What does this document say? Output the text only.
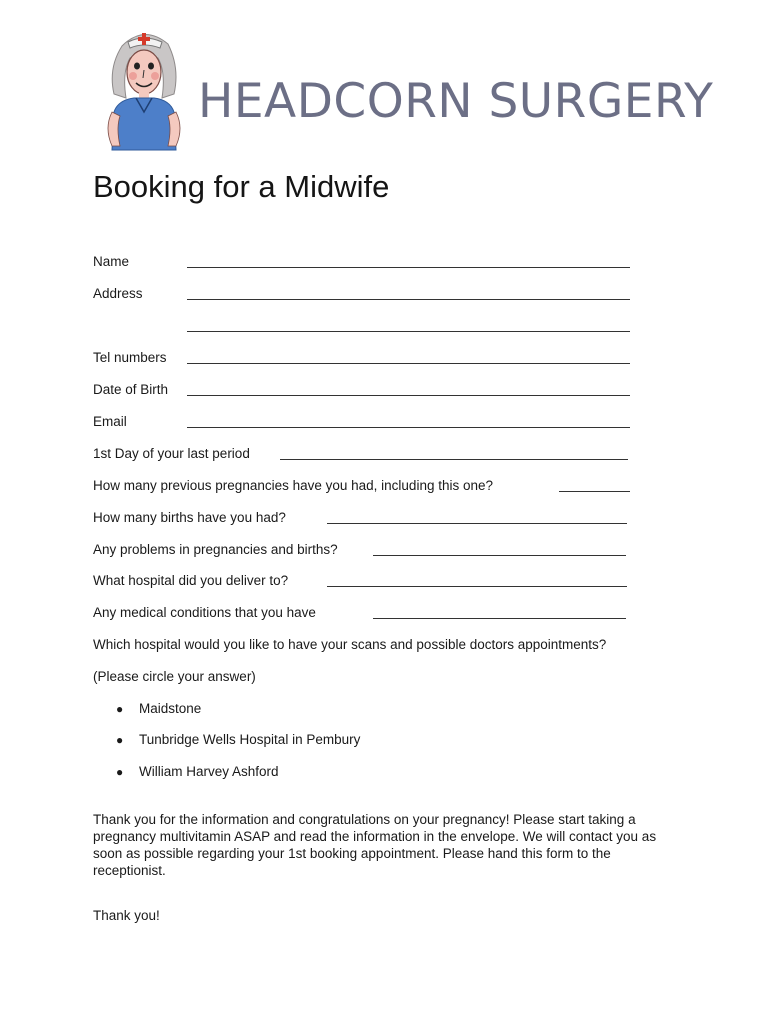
HEADCORN SURGERY
Booking for a Midwife
Name
Address
Tel numbers
Date of Birth
Email
1st Day of your last period
How many previous pregnancies have you had, including this one?
How many births have you had?
Any problems in pregnancies and births?
What hospital did you deliver to?
Any medical conditions that you have
Which hospital would you like to have your scans and possible doctors appointments?
(Please circle your answer)
● Maidstone
● Tunbridge Wells Hospital in Pembury
● William Harvey Ashford
Thank you for the information and congratulations on your pregnancy! Please start taking a pregnancy multivitamin ASAP and read the information in the envelope. We will contact you as soon as possible regarding your 1st booking appointment. Please hand this form to the receptionist.
Thank you!
